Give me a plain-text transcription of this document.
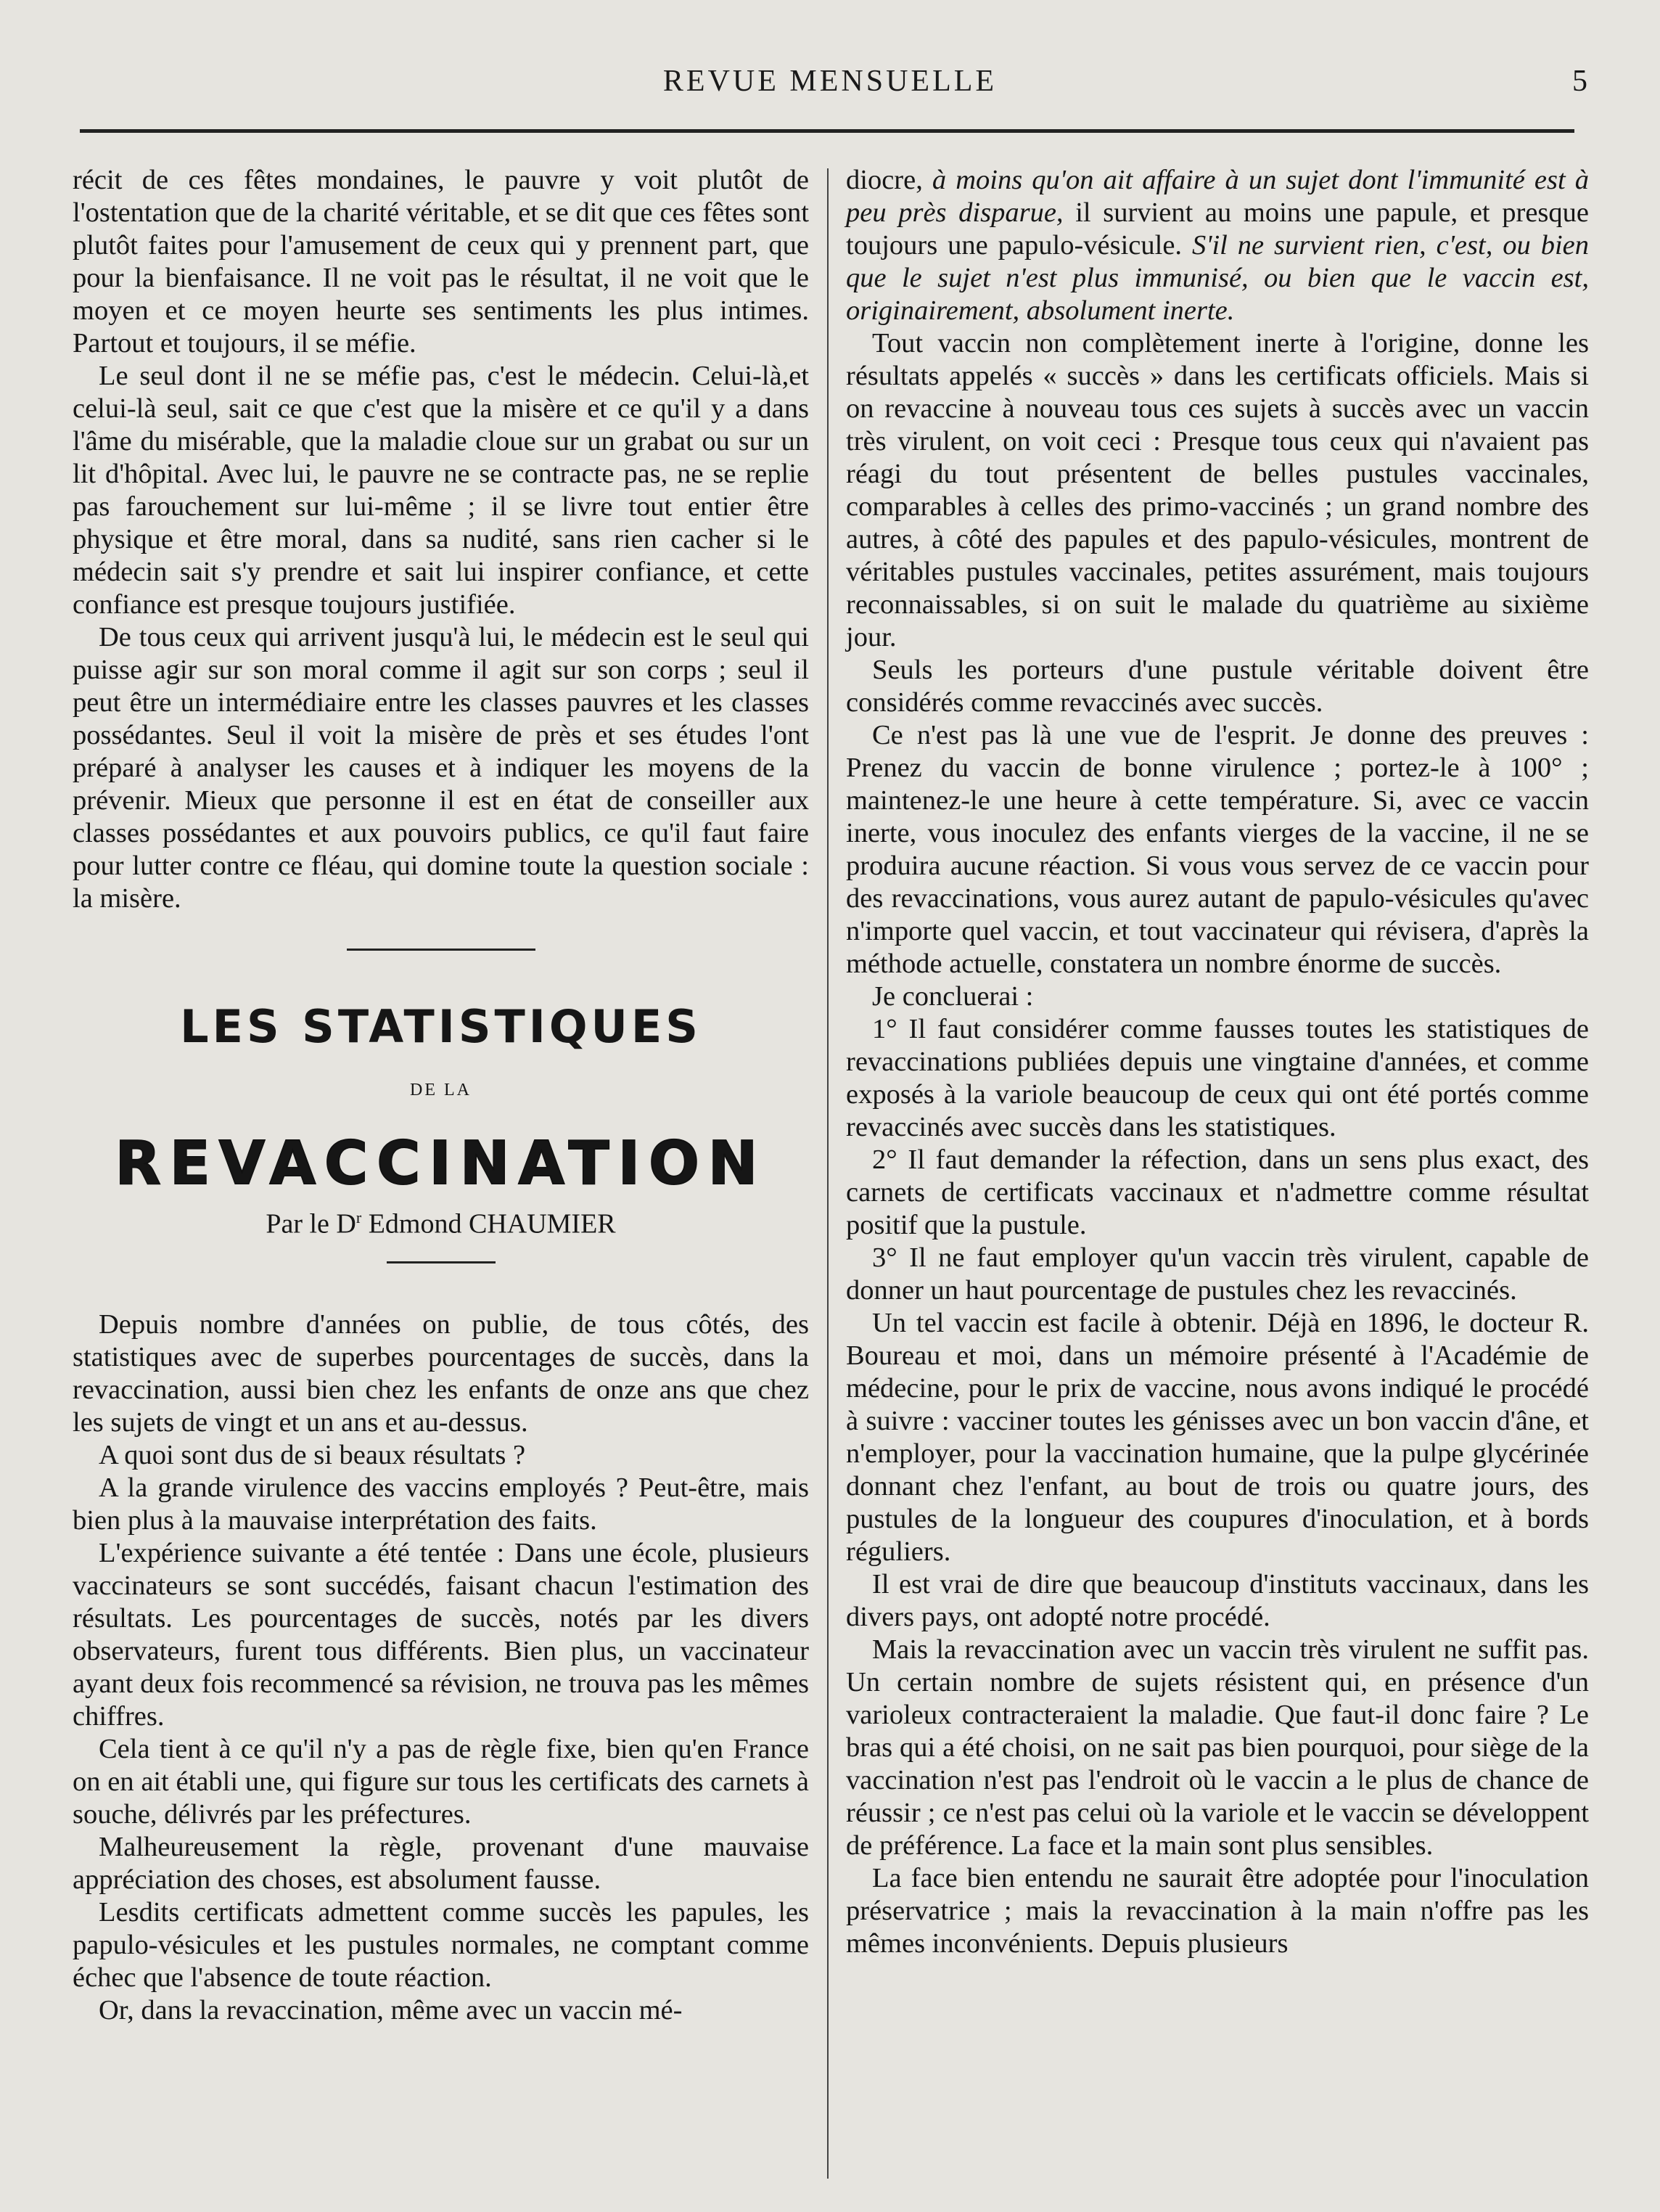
REVUE MENSUELLE	5

récit de ces fêtes mondaines, le pauvre y voit plutôt de l'ostentation que de la charité véritable, et se dit que ces fêtes sont plutôt faites pour l'amusement de ceux qui y prennent part, que pour la bienfaisance. Il ne voit pas le résultat, il ne voit que le moyen et ce moyen heurte ses sentiments les plus intimes. Partout et toujours, il se méfie.

Le seul dont il ne se méfie pas, c'est le médecin. Celui-là,et celui-là seul, sait ce que c'est que la misère et ce qu'il y a dans l'âme du misérable, que la maladie cloue sur un grabat ou sur un lit d'hôpital. Avec lui, le pauvre ne se contracte pas, ne se replie pas farouchement sur lui-même ; il se livre tout entier être physique et être moral, dans sa nudité, sans rien cacher si le médecin sait s'y prendre et sait lui inspirer confiance, et cette confiance est presque toujours justifiée.

De tous ceux qui arrivent jusqu'à lui, le médecin est le seul qui puisse agir sur son moral comme il agit sur son corps ; seul il peut être un intermédiaire entre les classes pauvres et les classes possédantes. Seul il voit la misère de près et ses études l'ont préparé à analyser les causes et à indiquer les moyens de la prévenir. Mieux que personne il est en état de conseiller aux classes possédantes et aux pouvoirs publics, ce qu'il faut faire pour lutter contre ce fléau, qui domine toute la question sociale : la misère.

LES STATISTIQUES
DE LA
REVACCINATION
Par le $D^r$ Edmond CHAUMIER

Depuis nombre d'années on publie, de tous côtés, des statistiques avec de superbes pourcentages de succès, dans la revaccination, aussi bien chez les enfants de onze ans que chez les sujets de vingt et un ans et au-dessus.

A quoi sont dus de si beaux résultats ?

A la grande virulence des vaccins employés ? Peut-être, mais bien plus à la mauvaise interprétation des faits.

L'expérience suivante a été tentée : Dans une école, plusieurs vaccinateurs se sont succédés, faisant chacun l'estimation des résultats. Les pourcentages de succès, notés par les divers observateurs, furent tous différents. Bien plus, un vaccinateur ayant deux fois recommencé sa révision, ne trouva pas les mêmes chiffres.

Cela tient à ce qu'il n'y a pas de règle fixe, bien qu'en France on en ait établi une, qui figure sur tous les certificats des carnets à souche, délivrés par les préfectures.

Malheureusement la règle, provenant d'une mauvaise appréciation des choses, est absolument fausse.

Lesdits certificats admettent comme succès les papules, les papulo-vésicules et les pustules normales, ne comptant comme échec que l'absence de toute réaction.

Or, dans la revaccination, même avec un vaccin mé-

diocre, à moins qu'on ait affaire à un sujet dont l'immunité est à peu près disparue, il survient au moins une papule, et presque toujours une papulo-vésicule. S'il ne survient rien, c'est, ou bien que le sujet n'est plus immunisé, ou bien que le vaccin est, originairement, absolument inerte.

Tout vaccin non complètement inerte à l'origine, donne les résultats appelés « succès » dans les certificats officiels. Mais si on revaccine à nouveau tous ces sujets à succès avec un vaccin très virulent, on voit ceci : Presque tous ceux qui n'avaient pas réagi du tout présentent de belles pustules vaccinales, comparables à celles des primo-vaccinés ; un grand nombre des autres, à côté des papules et des papulo-vésicules, montrent de véritables pustules vaccinales, petites assurément, mais toujours reconnaissables, si on suit le malade du quatrième au sixième jour.

Seuls les porteurs d'une pustule véritable doivent être considérés comme revaccinés avec succès.

Ce n'est pas là une vue de l'esprit. Je donne des preuves : Prenez du vaccin de bonne virulence ; portez-le à 100° ; maintenez-le une heure à cette température. Si, avec ce vaccin inerte, vous inoculez des enfants vierges de la vaccine, il ne se produira aucune réaction. Si vous vous servez de ce vaccin pour des revaccinations, vous aurez autant de papulo-vésicules qu'avec n'importe quel vaccin, et tout vaccinateur qui révisera, d'après la méthode actuelle, constatera un nombre énorme de succès.

Je concluerai :

1° Il faut considérer comme fausses toutes les statistiques de revaccinations publiées depuis une vingtaine d'années, et comme exposés à la variole beaucoup de ceux qui ont été portés comme revaccinés avec succès dans les statistiques.

2° Il faut demander la réfection, dans un sens plus exact, des carnets de certificats vaccinaux et n'admettre comme résultat positif que la pustule.

3° Il ne faut employer qu'un vaccin très virulent, capable de donner un haut pourcentage de pustules chez les revaccinés.

Un tel vaccin est facile à obtenir. Déjà en 1896, le docteur R. Boureau et moi, dans un mémoire présenté à l'Académie de médecine, pour le prix de vaccine, nous avons indiqué le procédé à suivre : vacciner toutes les génisses avec un bon vaccin d'âne, et n'employer, pour la vaccination humaine, que la pulpe glycérinée donnant chez l'enfant, au bout de trois ou quatre jours, des pustules de la longueur des coupures d'inoculation, et à bords réguliers.

Il est vrai de dire que beaucoup d'instituts vaccinaux, dans les divers pays, ont adopté notre procédé.

Mais la revaccination avec un vaccin très virulent ne suffit pas. Un certain nombre de sujets résistent qui, en présence d'un varioleux contracteraient la maladie. Que faut-il donc faire ? Le bras qui a été choisi, on ne sait pas bien pourquoi, pour siège de la vaccination n'est pas l'endroit où le vaccin a le plus de chance de réussir ; ce n'est pas celui où la variole et le vaccin se développent de préférence. La face et la main sont plus sensibles.

La face bien entendu ne saurait être adoptée pour l'inoculation préservatrice ; mais la revaccination à la main n'offre pas les mêmes inconvénients. Depuis plusieurs
